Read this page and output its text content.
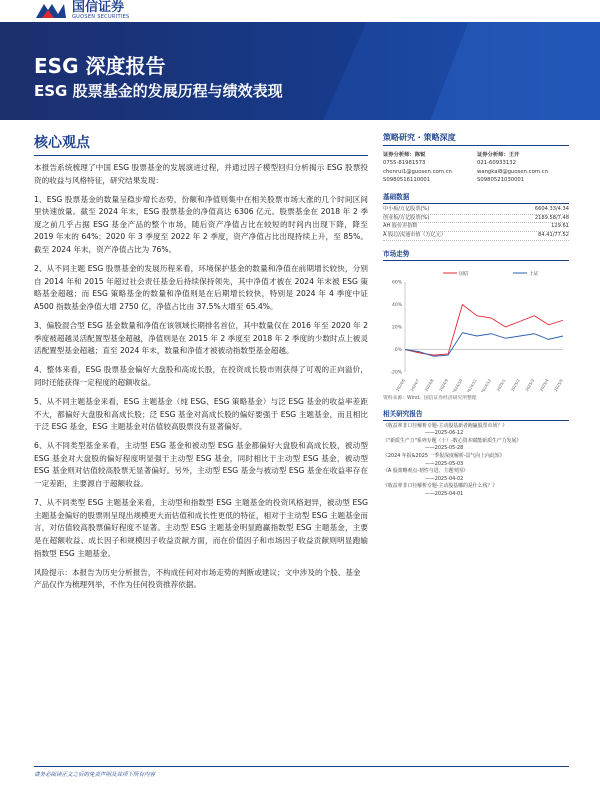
国信证券
GUOSEN SECURITIES
ESG 深度报告
ESG 股票基金的发展历程与绩效表现
核心观点

本报告系统梳理了中国 ESG 股票基金的发展演进过程，并通过因子模型回归分析揭示 ESG 股票投资的收益与风格特征，研究结果发现：

1、ESG 股票基金的数量呈稳步增长态势，份额和净值则集中在相关股票市场大涨的几个时间区间里快速放量。截至 2024 年末，ESG 股票基金的净值高达 6306 亿元。股票基金在 2018 年 2 季度之前几乎占据 ESG 基金产品的整个市场，随后资产净值占比在较短的时间内出现下降，降至 2019 年末的 64%；2020 年 3 季度至 2022 年 2 季度，资产净值占比出现持续上升，至 85%。截至 2024 年末，资产净值占比为 76%。

2、从不同主题 ESG 股票基金的发展历程来看，环境保护基金的数量和净值在前期增长较快，分别自 2014 年和 2015 年超过社会责任基金后持续保持领先，其中净值才被在 2024 年末被 ESG 策略基金超越；而 ESG 策略基金的数量和净值则是在后期增长较快，特别是 2024 年 4 季度中证 A500 指数基金净值大增 2750 亿，净值占比由 37.5%大增至 65.4%。

3、偏股混合型 ESG 基金数量和净值在该领域长期排名首位，其中数量仅在 2016 年至 2020 年 2 季度被超越灵活配置型基金超越，净值则是在 2015 年 2 季度至 2018 年 2 季度的少数时点上被灵活配置型基金超越；直至 2024 年末，数量和净值才被被动指数型基金超越。

4、整体来看，ESG 股票基金偏好大盘股和高成长股，在投资成长股市则获得了可观的正向溢价，同时还能获得一定程度的超额收益。

5、从不同主题基金来看，ESG 主题基金（纯 ESG、ESG 策略基金）与泛 ESG 基金的收益率差距不大，都偏好大盘股和高成长股；泛 ESG 基金对高成长股的偏好要强于 ESG 主题基金，而且相比于泛 ESG 基金，ESG 主题基金对估值较高股票没有显著偏好。

6、从不同类型基金来看，主动型 ESG 基金和被动型 ESG 基金都偏好大盘股和高成长股，被动型 ESG 基金对大盘股的偏好程度明显强于主动型 ESG 基金，同时相比于主动型 ESG 基金，被动型 ESG 基金则对估值较高股票无显著偏好。另外，主动型 ESG 基金与被动型 ESG 基金在收益率存在一定差距，主要源自于超额收益。

7、从不同类型 ESG 主题基金来看，主动型和指数型 ESG 主题基金的投资风格迥异，被动型 ESG 主题基金偏好的股票则呈现出规模更大而估值和成长性更低的特征，相对于主动型 ESG 主题基金而言，对估值较高股票偏好程度不显著。主动型 ESG 主题基金明显跑赢指数型 ESG 主题基金，主要是在超额收益、成长因子和规模因子收益贡献方面，而在价值因子和市场因子收益贡献则明显跑输指数型 ESG 主题基金。

风险提示：本报告为历史分析报告，不构成任何对市场走势的判断或建议；文中涉及的个股、基金产品仅作为梳理列举，不作为任何投资推荐依据。

策略研究 · 策略深度
证券分析师：陈锐
0755-81981573
chenrui1@guosen.com.cn
S0980516110001
证券分析师：王开
021-60933132
wangkai8@guosen.com.cn
S0980521030001
基础数据
中小板/万亿股票(%)	6604.33/4.34
创业板/万亿股票(%)	2189.58/7.48
AH 股价差指数	129.61
A 股总/流通市值（万亿元）	84.41/77.52
市场走势
60%
40%
20%
0%
-20%
2024/6 2024/7 2024/8 2024/9 2024/10 2024/11 2024/12 2025/1 2025/2 2025/3 2025/4 2025/5
国信	上证
资料来源：Wind、国信证券经济研究所整理
相关研究报告
《收益率非口径解析专题-主动股基新者跑赢股票市场？》
——2025-06-12
《"新质生产力"系列专题（十）-数心资本赋能新质生产力发展》
——2025-05-28
《2024 年报&2025 一季报深度解析-景气向上向此短》
——2025-05-03
《A 股策略观点-韧性与进、主题突围》
——2025-04-02
《收益率非口径解析专题-主动股基哪的是什么线？》
——2025-04-01
请务必阅读正文之后的免责声明及其项下所有内容
